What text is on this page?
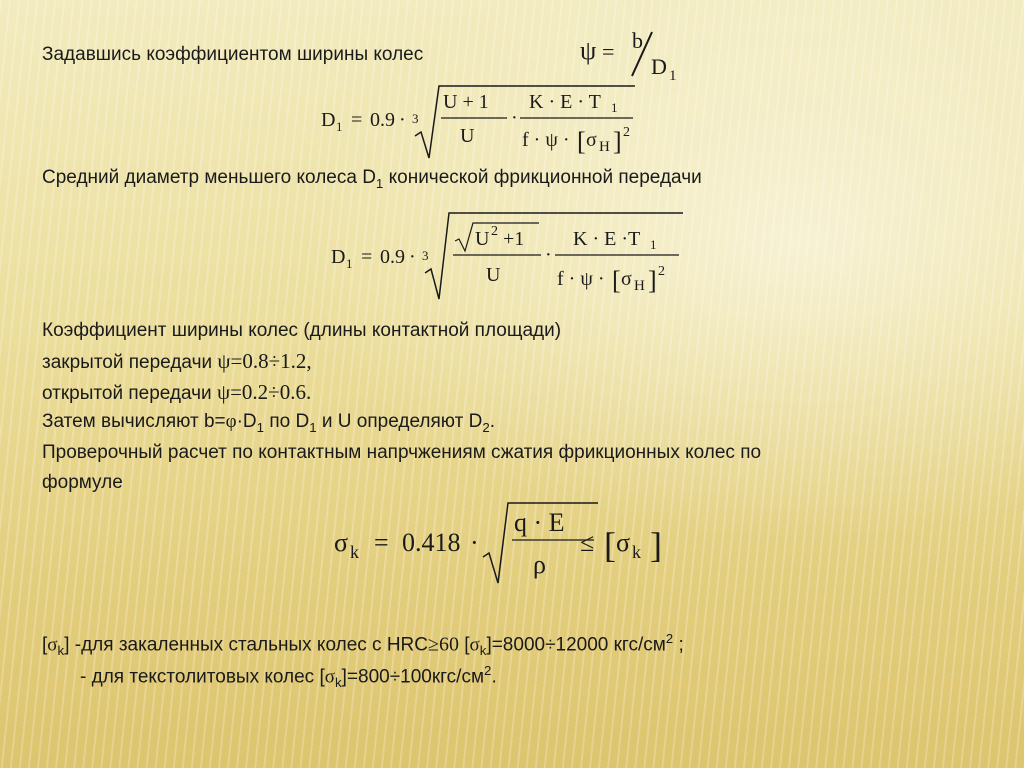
Задавшись коэффициентом ширины колес	ψ = b
D 1
D 1 = 0.9 · 3
U + 1
U
·
K · E · T 1
f · ψ · [ σ H ] 2
Средний диаметр меньшего колеса $D_1$ конической фрикционной передачи
D 1 = 0.9 · 3
U 2 +1
U
·
K · E ·T 1
f · ψ · [ σ H ] 2
Коэффициент ширины колес (длины контактной площади)
закрытой передачи ψ=0.8÷1.2,
открытой передачи ψ=0.2÷0.6.
Затем вычисляют $b=\varphi\cdot D_1$ по $D_1$ и U определяют $D_2$.
Проверочный расчет по контактным напрчжениям сжатия фрикционных колес по
формуле
σ k = 0.418 ·
q · E
ρ
≤ [ σ k ]
$[\sigma_k]$ -для закаленных стальных колес с HRC≥60 $[\sigma_k]=8000\div 12000$ кгс/$см^2$ ;
- для текстолитовых колес $[\sigma_k]=800\div 100кгс/см^2$.
